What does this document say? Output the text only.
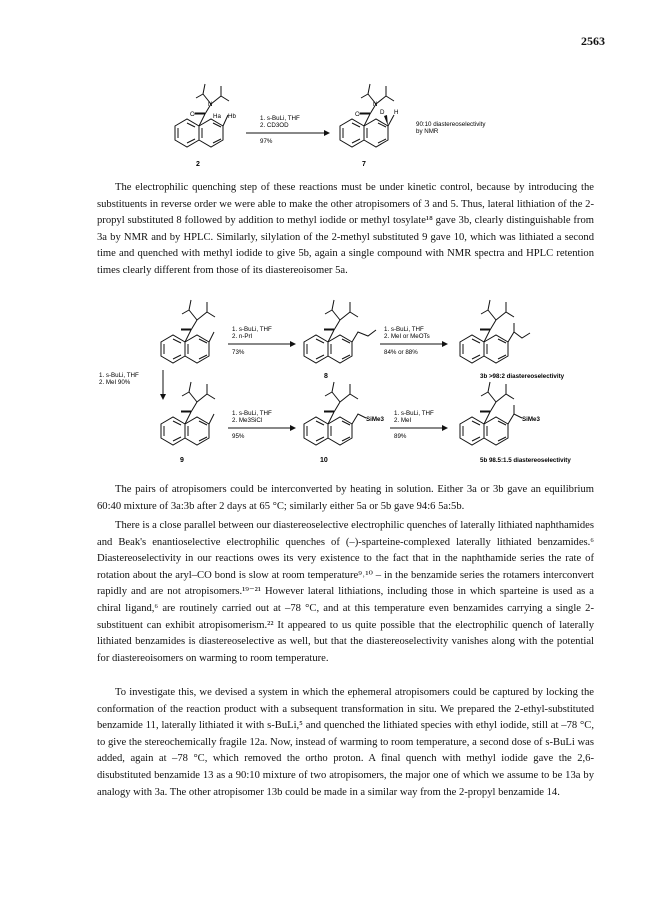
2563
Ha Hb
O
N
2
1. s-BuLi, THF
2. CD3OD
97%
D H
O
N
7
90:10 diastereoselectivity
by NMR

The electrophilic quenching step of these reactions must be under kinetic control, because by introducing the substituents in reverse order we were able to make the other atropisomers of 3 and 5. Thus, lateral lithiation of the 2-propyl substituted 8 followed by addition to methyl iodide or methyl tosylate¹⁸ gave 3b, clearly distinguishable from 3a by NMR and by HPLC. Similarly, silylation of the 2-methyl substituted 9 gave 10, which was lithiated a second time and quenched with methyl iodide to give 5b, again a single compound with NMR spectra and HPLC retention times clearly different from those of its diastereoisomer 5a.

1. s-BuLi, THF
2. n-PrI
73%
8
1. s-BuLi, THF
2. MeI or MeOTs
84% or 88%
3b >98:2 diastereoselectivity
1. s-BuLi, THF
2. MeI 90%
9
1. s-BuLi, THF
2. Me3SiCl
95%
SiMe3
10
1. s-BuLi, THF
2. MeI
89%
SiMe3
5b 98.5:1.5 diastereoselectivity

The pairs of atropisomers could be interconverted by heating in solution. Either 3a or 3b gave an equilibrium 60:40 mixture of 3a:3b after 2 days at 65 °C; similarly either 5a or 5b gave 94:6 5a:5b.

There is a close parallel between our diastereoselective electrophilic quenches of laterally lithiated naphthamides and Beak's enantioselective electrophilic quenches of (–)-sparteine-complexed laterally lithiated benzamides.⁶ Diastereoselectivity in our reactions owes its very existence to the fact that in the naphthamide series the rate of rotation about the aryl–CO bond is slow at room temperature⁹˒¹⁰ – in the benzamide series the rotamers interconvert rapidly and are not atropisomers.¹⁹⁻²¹ However lateral lithiations, including those in which sparteine is used as a chiral ligand,⁶ are routinely carried out at –78 °C, and at this temperature even benzamides carrying a single 2-substituent can exhibit atropisomerism.²² It appeared to us quite possible that the electrophilic quench of laterally lithiated benzamides is diastereoselective as well, but that the diastereoselectivity vanishes along with the potential for diastereoisomers on warming to room temperature.

To investigate this, we devised a system in which the ephemeral atropisomers could be captured by locking the conformation of the reaction product with a subsequent transformation in situ. We prepared the 2-ethyl-substituted benzamide 11, laterally lithiated it with s-BuLi,⁵ and quenched the lithiated species with ethyl iodide, still at –78 °C, to give the stereochemically fragile 12a. Now, instead of warming to room temperature, a second dose of s-BuLi was added, again at –78 °C, which removed the ortho proton. A final quench with methyl iodide gave the 2,6-disubstituted benzamide 13 as a 90:10 mixture of two atropisomers, the major one of which we assume to be 13a by analogy with 3a. The other atropisomer 13b could be made in a similar way from the 2-propyl benzamide 14.
